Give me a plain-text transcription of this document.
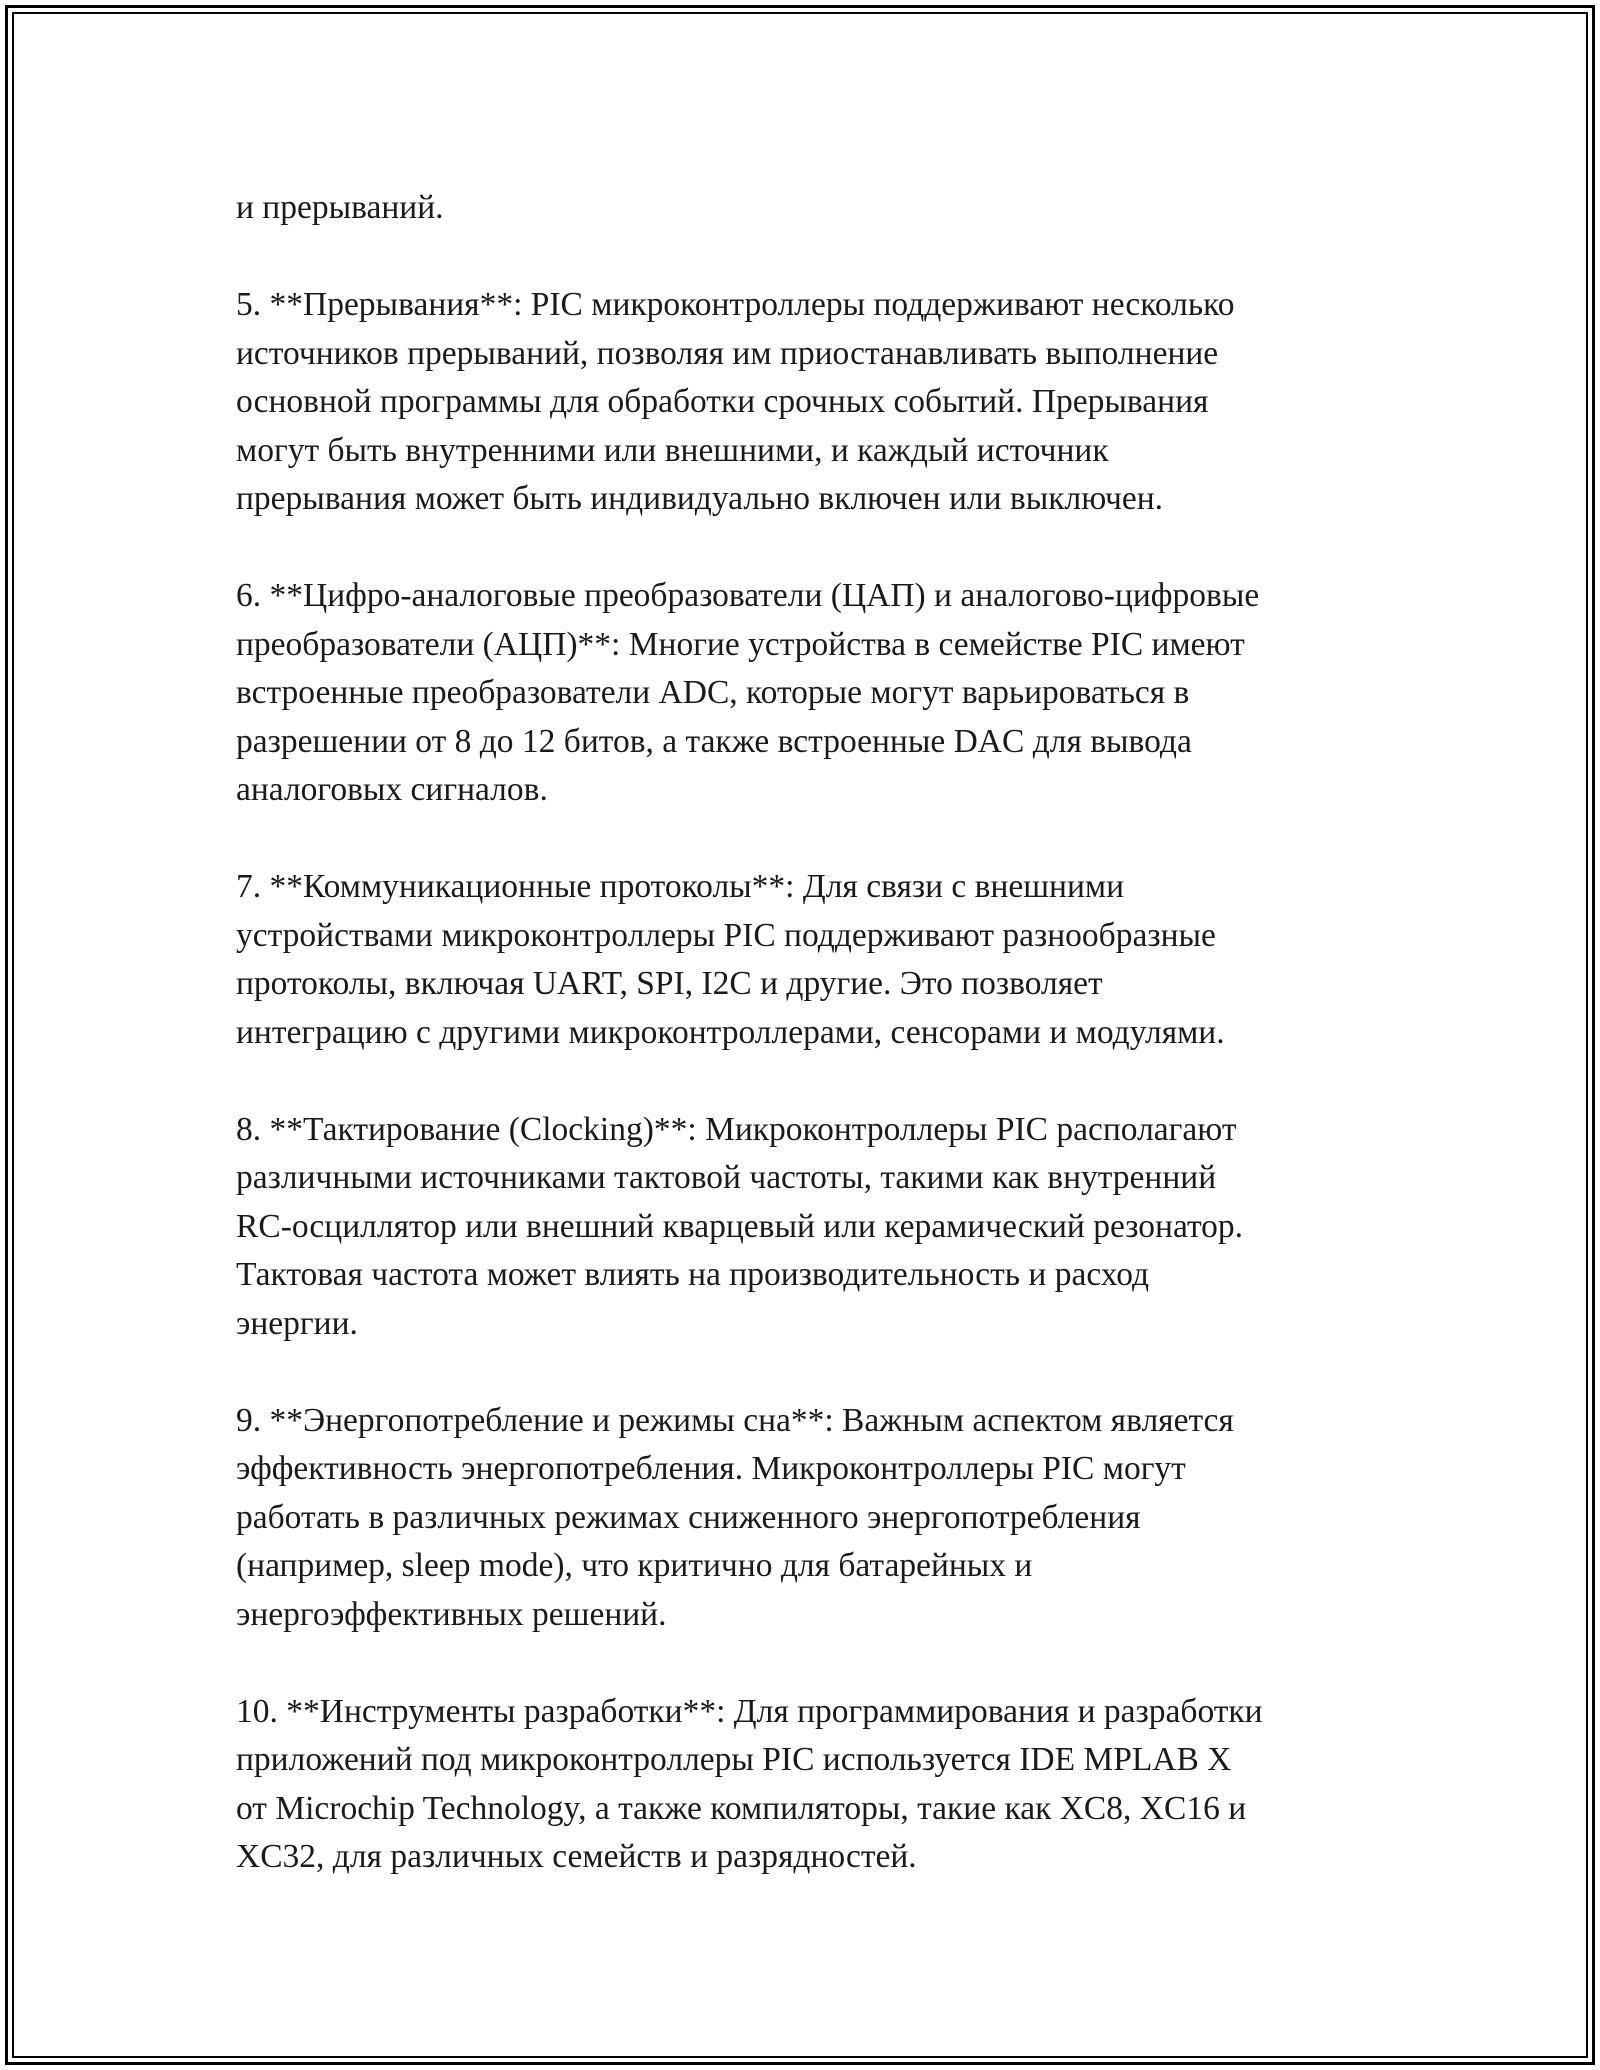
и прерываний.

5. **Прерывания**: PIC микроконтроллеры поддерживают несколько
источников прерываний, позволяя им приостанавливать выполнение
основной программы для обработки срочных событий. Прерывания
могут быть внутренними или внешними, и каждый источник
прерывания может быть индивидуально включен или выключен.

6. **Цифро-аналоговые преобразователи (ЦАП) и аналогово-цифровые
преобразователи (АЦП)**: Многие устройства в семействе PIC имеют
встроенные преобразователи ADC, которые могут варьироваться в
разрешении от 8 до 12 битов, а также встроенные DAC для вывода
аналоговых сигналов.

7. **Коммуникационные протоколы**: Для связи с внешними
устройствами микроконтроллеры PIC поддерживают разнообразные
протоколы, включая UART, SPI, I2C и другие. Это позволяет
интеграцию с другими микроконтроллерами, сенсорами и модулями.

8. **Тактирование (Clocking)**: Микроконтроллеры PIC располагают
различными источниками тактовой частоты, такими как внутренний
RC-осциллятор или внешний кварцевый или керамический резонатор.
Тактовая частота может влиять на производительность и расход
энергии.

9. **Энергопотребление и режимы сна**: Важным аспектом является
эффективность энергопотребления. Микроконтроллеры PIC могут
работать в различных режимах сниженного энергопотребления
(например, sleep mode), что критично для батарейных и
энергоэффективных решений.

10. **Инструменты разработки**: Для программирования и разработки
приложений под микроконтроллеры PIC используется IDE MPLAB X
от Microchip Technology, а также компиляторы, такие как XC8, XC16 и
XC32, для различных семейств и разрядностей.
